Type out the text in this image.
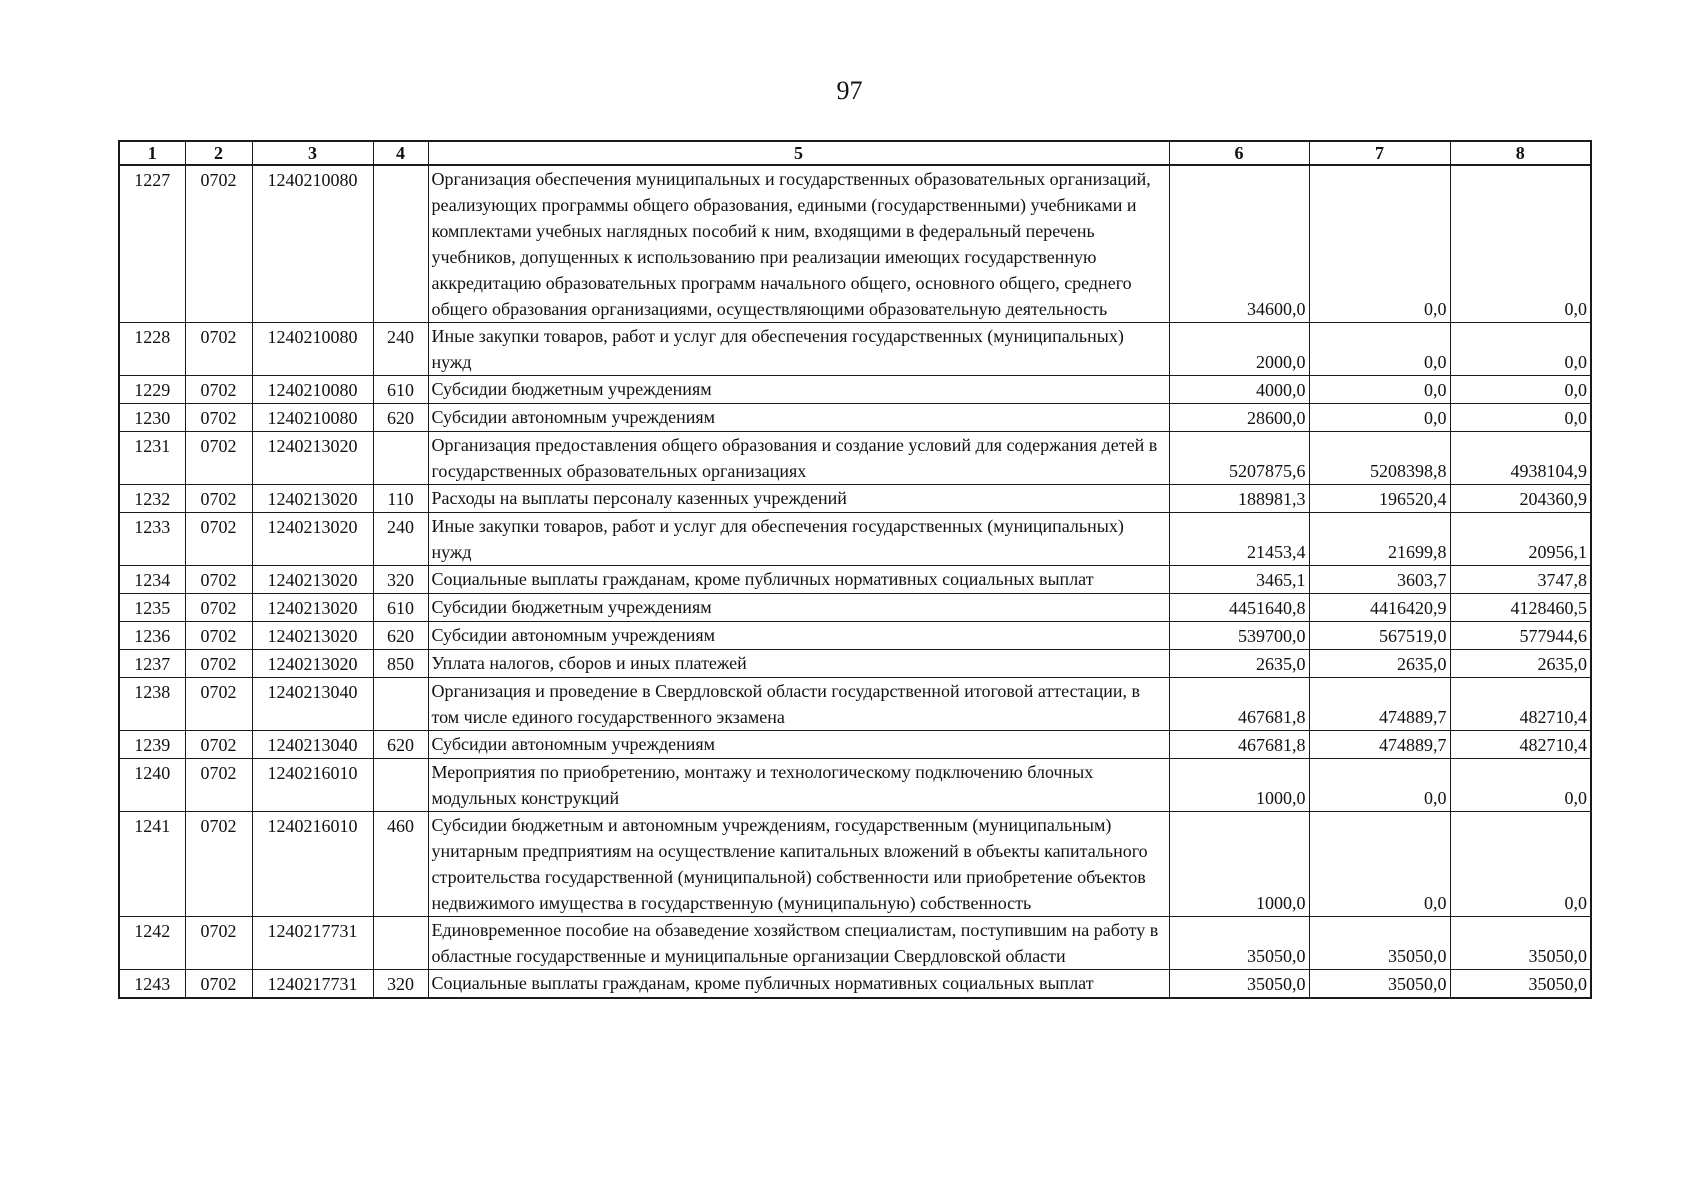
97
1	2	3	4	5	6	7	8
1227	0702	1240210080		Организация обеспечения муниципальных и государственных образовательных организаций, реализующих программы общего образования, едиными (государственными) учебниками и комплектами учебных наглядных пособий к ним, входящими в федеральный перечень учебников, допущенных к использованию при реализации имеющих государственную аккредитацию образовательных программ начального общего, основного общего, среднего общего образования организациями, осуществляющими образовательную деятельность	34600,0	0,0	0,0
1228	0702	1240210080	240	Иные закупки товаров, работ и услуг для обеспечения государственных (муниципальных) нужд	2000,0	0,0	0,0
1229	0702	1240210080	610	Субсидии бюджетным учреждениям	4000,0	0,0	0,0
1230	0702	1240210080	620	Субсидии автономным учреждениям	28600,0	0,0	0,0
1231	0702	1240213020		Организация предоставления общего образования и создание условий для содержания детей в государственных образовательных организациях	5207875,6	5208398,8	4938104,9
1232	0702	1240213020	110	Расходы на выплаты персоналу казенных учреждений	188981,3	196520,4	204360,9
1233	0702	1240213020	240	Иные закупки товаров, работ и услуг для обеспечения государственных (муниципальных) нужд	21453,4	21699,8	20956,1
1234	0702	1240213020	320	Социальные выплаты гражданам, кроме публичных нормативных социальных выплат	3465,1	3603,7	3747,8
1235	0702	1240213020	610	Субсидии бюджетным учреждениям	4451640,8	4416420,9	4128460,5
1236	0702	1240213020	620	Субсидии автономным учреждениям	539700,0	567519,0	577944,6
1237	0702	1240213020	850	Уплата налогов, сборов и иных платежей	2635,0	2635,0	2635,0
1238	0702	1240213040		Организация и проведение в Свердловской области государственной итоговой аттестации, в том числе единого государственного экзамена	467681,8	474889,7	482710,4
1239	0702	1240213040	620	Субсидии автономным учреждениям	467681,8	474889,7	482710,4
1240	0702	1240216010		Мероприятия по приобретению, монтажу и технологическому подключению блочных модульных конструкций	1000,0	0,0	0,0
1241	0702	1240216010	460	Субсидии бюджетным и автономным учреждениям, государственным (муниципальным) унитарным предприятиям на осуществление капитальных вложений в объекты капитального строительства государственной (муниципальной) собственности или приобретение объектов недвижимого имущества в государственную (муниципальную) собственность	1000,0	0,0	0,0
1242	0702	1240217731		Единовременное пособие на обзаведение хозяйством специалистам, поступившим на работу в областные государственные и муниципальные организации Свердловской области	35050,0	35050,0	35050,0
1243	0702	1240217731	320	Социальные выплаты гражданам, кроме публичных нормативных социальных выплат	35050,0	35050,0	35050,0
